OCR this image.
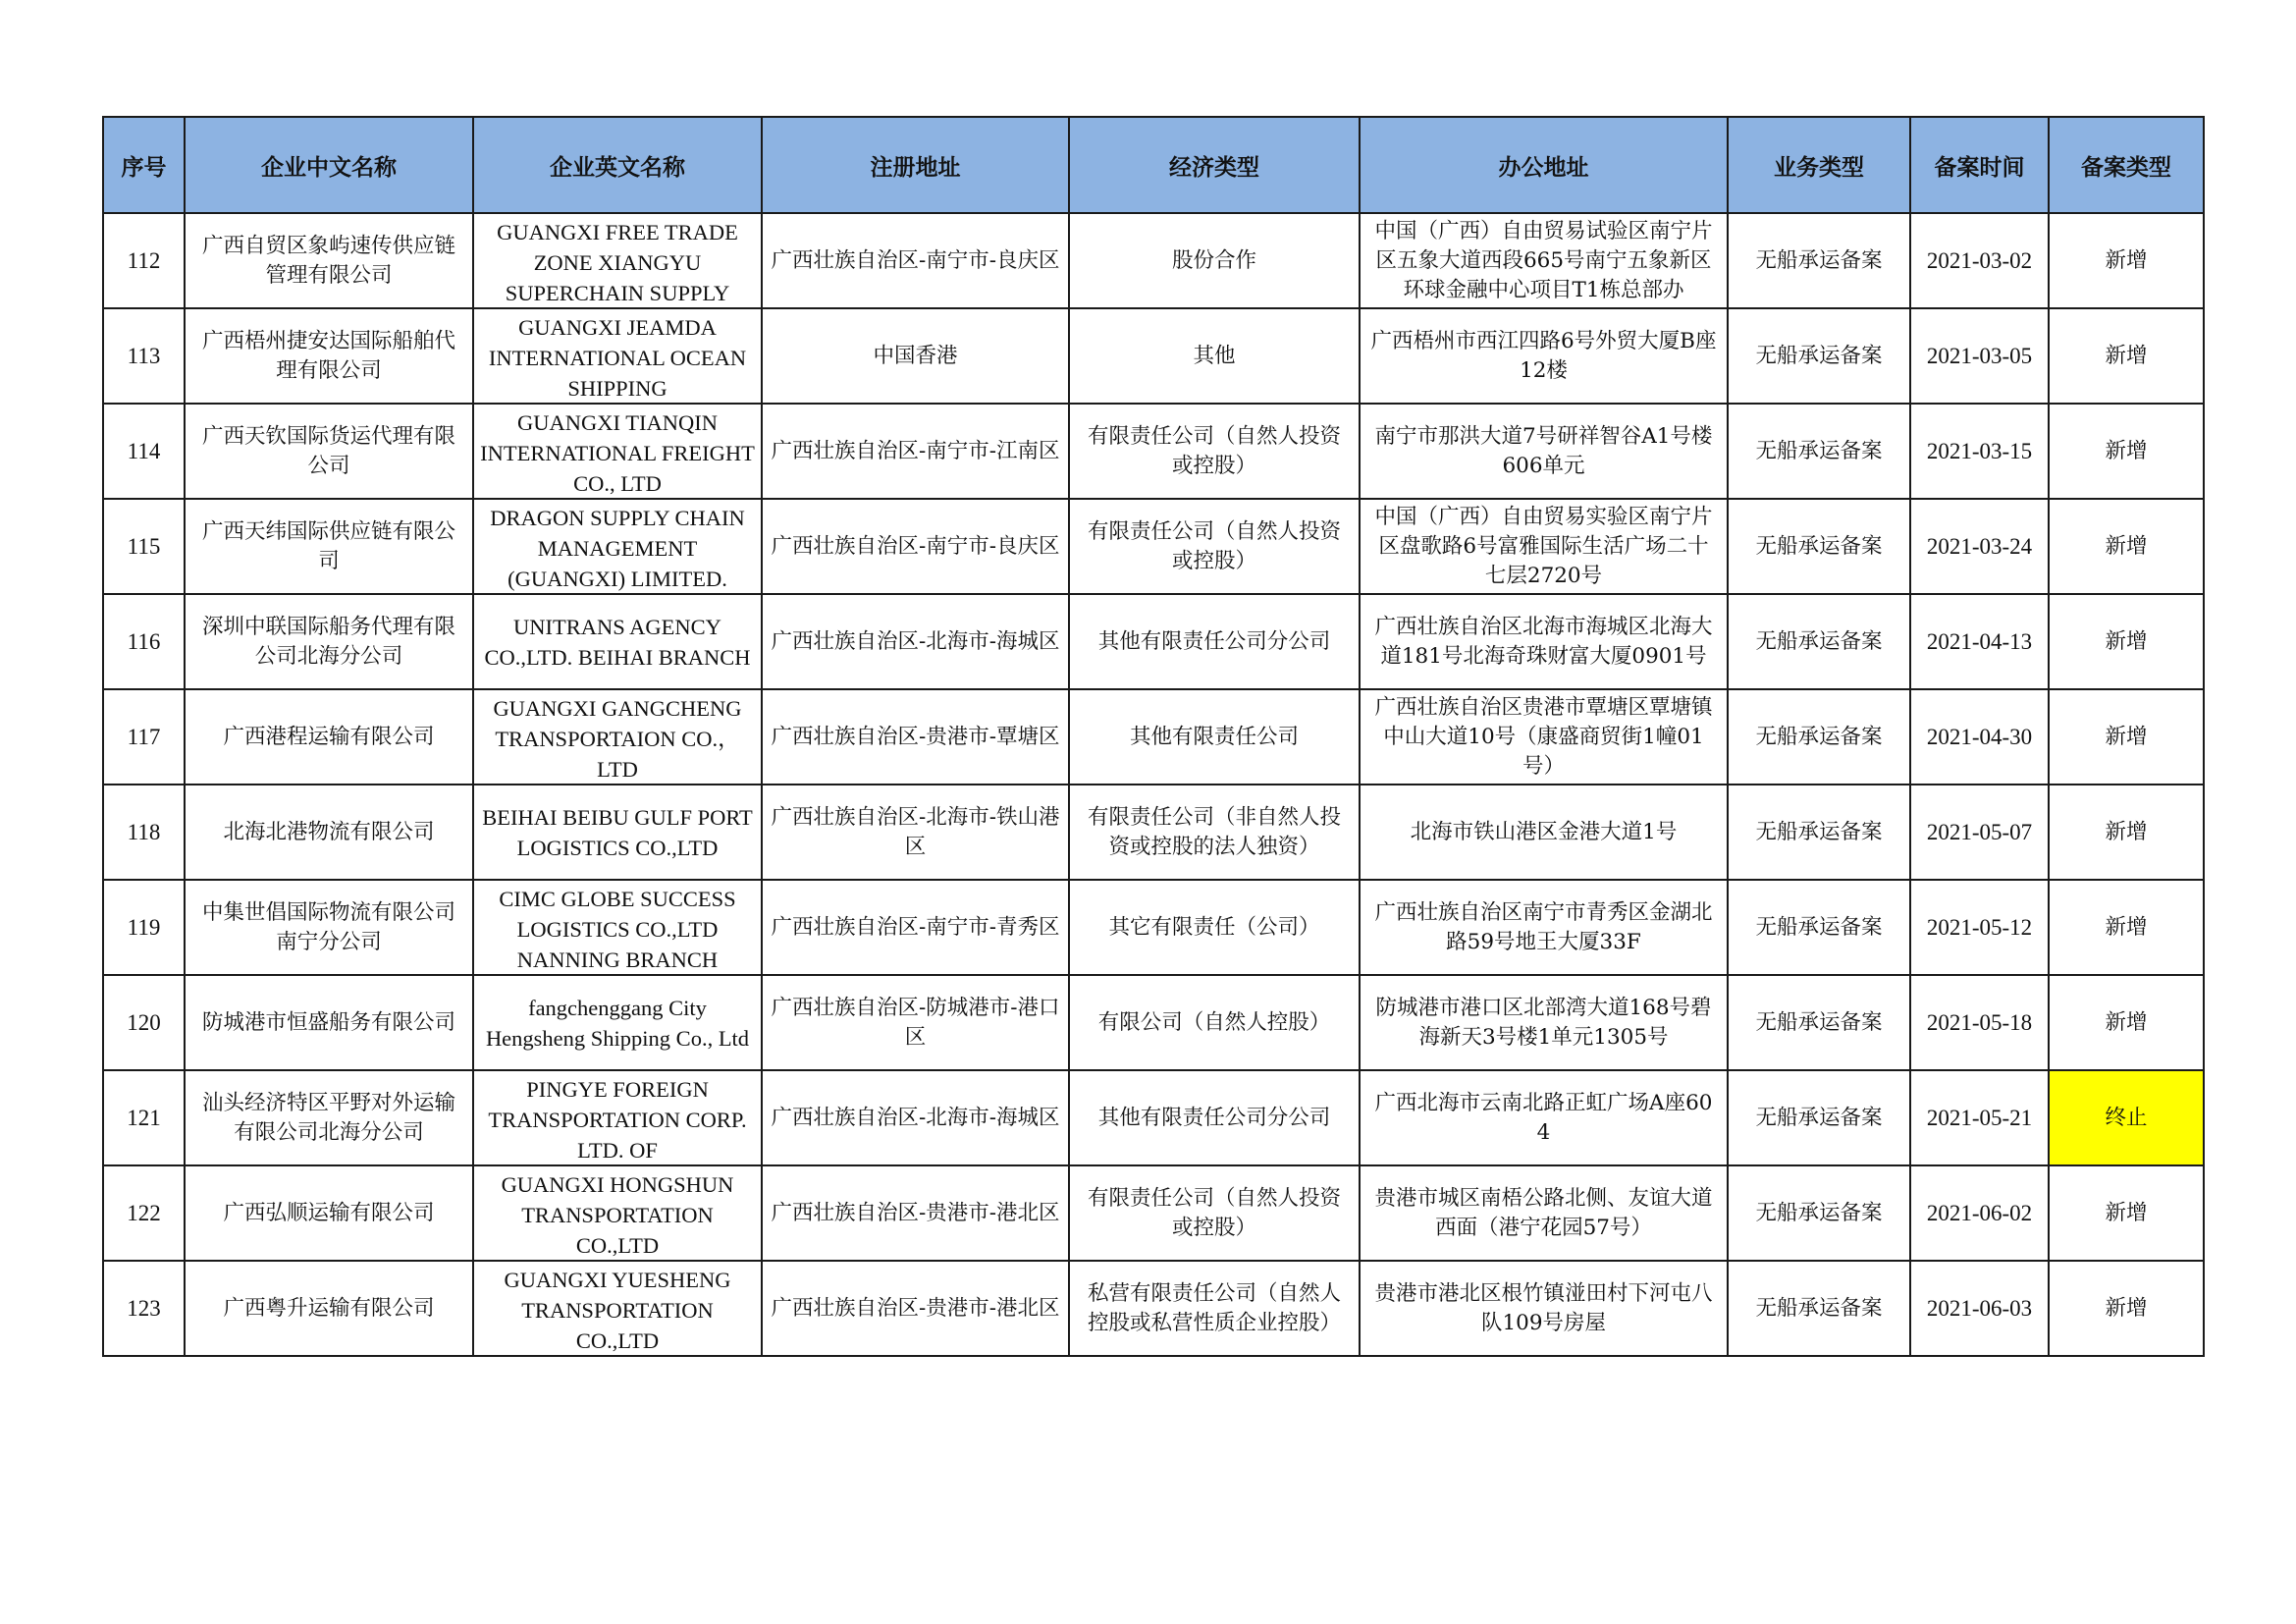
序号	企业中文名称	企业英文名称	注册地址	经济类型	办公地址	业务类型	备案时间	备案类型

112	广西自贸区象屿速传供应链管理有限公司	GUANGXI FREE TRADE ZONE XIANGYU SUPERCHAIN SUPPLY	广西壮族自治区-南宁市-良庆区	股份合作	中国（广西）自由贸易试验区南宁片区五象大道西段665号南宁五象新区环球金融中心项目T1栋总部办	无船承运备案	2021-03-02	新增

113	广西梧州捷安达国际船舶代理有限公司	GUANGXI JEAMDA INTERNATIONAL OCEAN SHIPPING	中国香港	其他	广西梧州市西江四路6号外贸大厦B座12楼	无船承运备案	2021-03-05	新增

114	广西天钦国际货运代理有限公司	GUANGXI TIANQIN INTERNATIONAL FREIGHT CO., LTD	广西壮族自治区-南宁市-江南区	有限责任公司（自然人投资或控股）	南宁市那洪大道7号研祥智谷A1号楼606单元	无船承运备案	2021-03-15	新增

115	广西天纬国际供应链有限公司	DRAGON SUPPLY CHAIN MANAGEMENT (GUANGXI) LIMITED.	广西壮族自治区-南宁市-良庆区	有限责任公司（自然人投资或控股）	中国（广西）自由贸易实验区南宁片区盘歌路6号富雅国际生活广场二十七层2720号	无船承运备案	2021-03-24	新增

116	深圳中联国际船务代理有限公司北海分公司	UNITRANS AGENCY CO.,LTD. BEIHAI BRANCH	广西壮族自治区-北海市-海城区	其他有限责任公司分公司	广西壮族自治区北海市海城区北海大道181号北海奇珠财富大厦0901号	无船承运备案	2021-04-13	新增

117	广西港程运输有限公司	GUANGXI GANGCHENG TRANSPORTAION CO.，LTD	广西壮族自治区-贵港市-覃塘区	其他有限责任公司	广西壮族自治区贵港市覃塘区覃塘镇中山大道10号（康盛商贸街1幢01号）	无船承运备案	2021-04-30	新增

118	北海北港物流有限公司	BEIHAI BEIBU GULF PORT LOGISTICS CO.,LTD	广西壮族自治区-北海市-铁山港区	有限责任公司（非自然人投资或控股的法人独资）	北海市铁山港区金港大道1号	无船承运备案	2021-05-07	新增

119	中集世倡国际物流有限公司南宁分公司	CIMC GLOBE SUCCESS LOGISTICS CO.,LTD NANNING BRANCH	广西壮族自治区-南宁市-青秀区	其它有限责任（公司）	广西壮族自治区南宁市青秀区金湖北路59号地王大厦33F	无船承运备案	2021-05-12	新增

120	防城港市恒盛船务有限公司	fangchenggang City Hengsheng Shipping Co., Ltd	广西壮族自治区-防城港市-港口区	有限公司（自然人控股）	防城港市港口区北部湾大道168号碧海新天3号楼1单元1305号	无船承运备案	2021-05-18	新增

121	汕头经济特区平野对外运输有限公司北海分公司	PINGYE FOREIGN TRANSPORTATION CORP. LTD. OF	广西壮族自治区-北海市-海城区	其他有限责任公司分公司	广西北海市云南北路正虹广场A座604	无船承运备案	2021-05-21	终止

122	广西弘顺运输有限公司	GUANGXI HONGSHUN TRANSPORTATION CO.,LTD	广西壮族自治区-贵港市-港北区	有限责任公司（自然人投资或控股）	贵港市城区南梧公路北侧、友谊大道西面（港宁花园57号）	无船承运备案	2021-06-02	新增

123	广西粤升运输有限公司	GUANGXI YUESHENG TRANSPORTATION CO.,LTD	广西壮族自治区-贵港市-港北区	私营有限责任公司（自然人控股或私营性质企业控股）	贵港市港北区根竹镇湴田村下河屯八队109号房屋	无船承运备案	2021-06-03	新增
